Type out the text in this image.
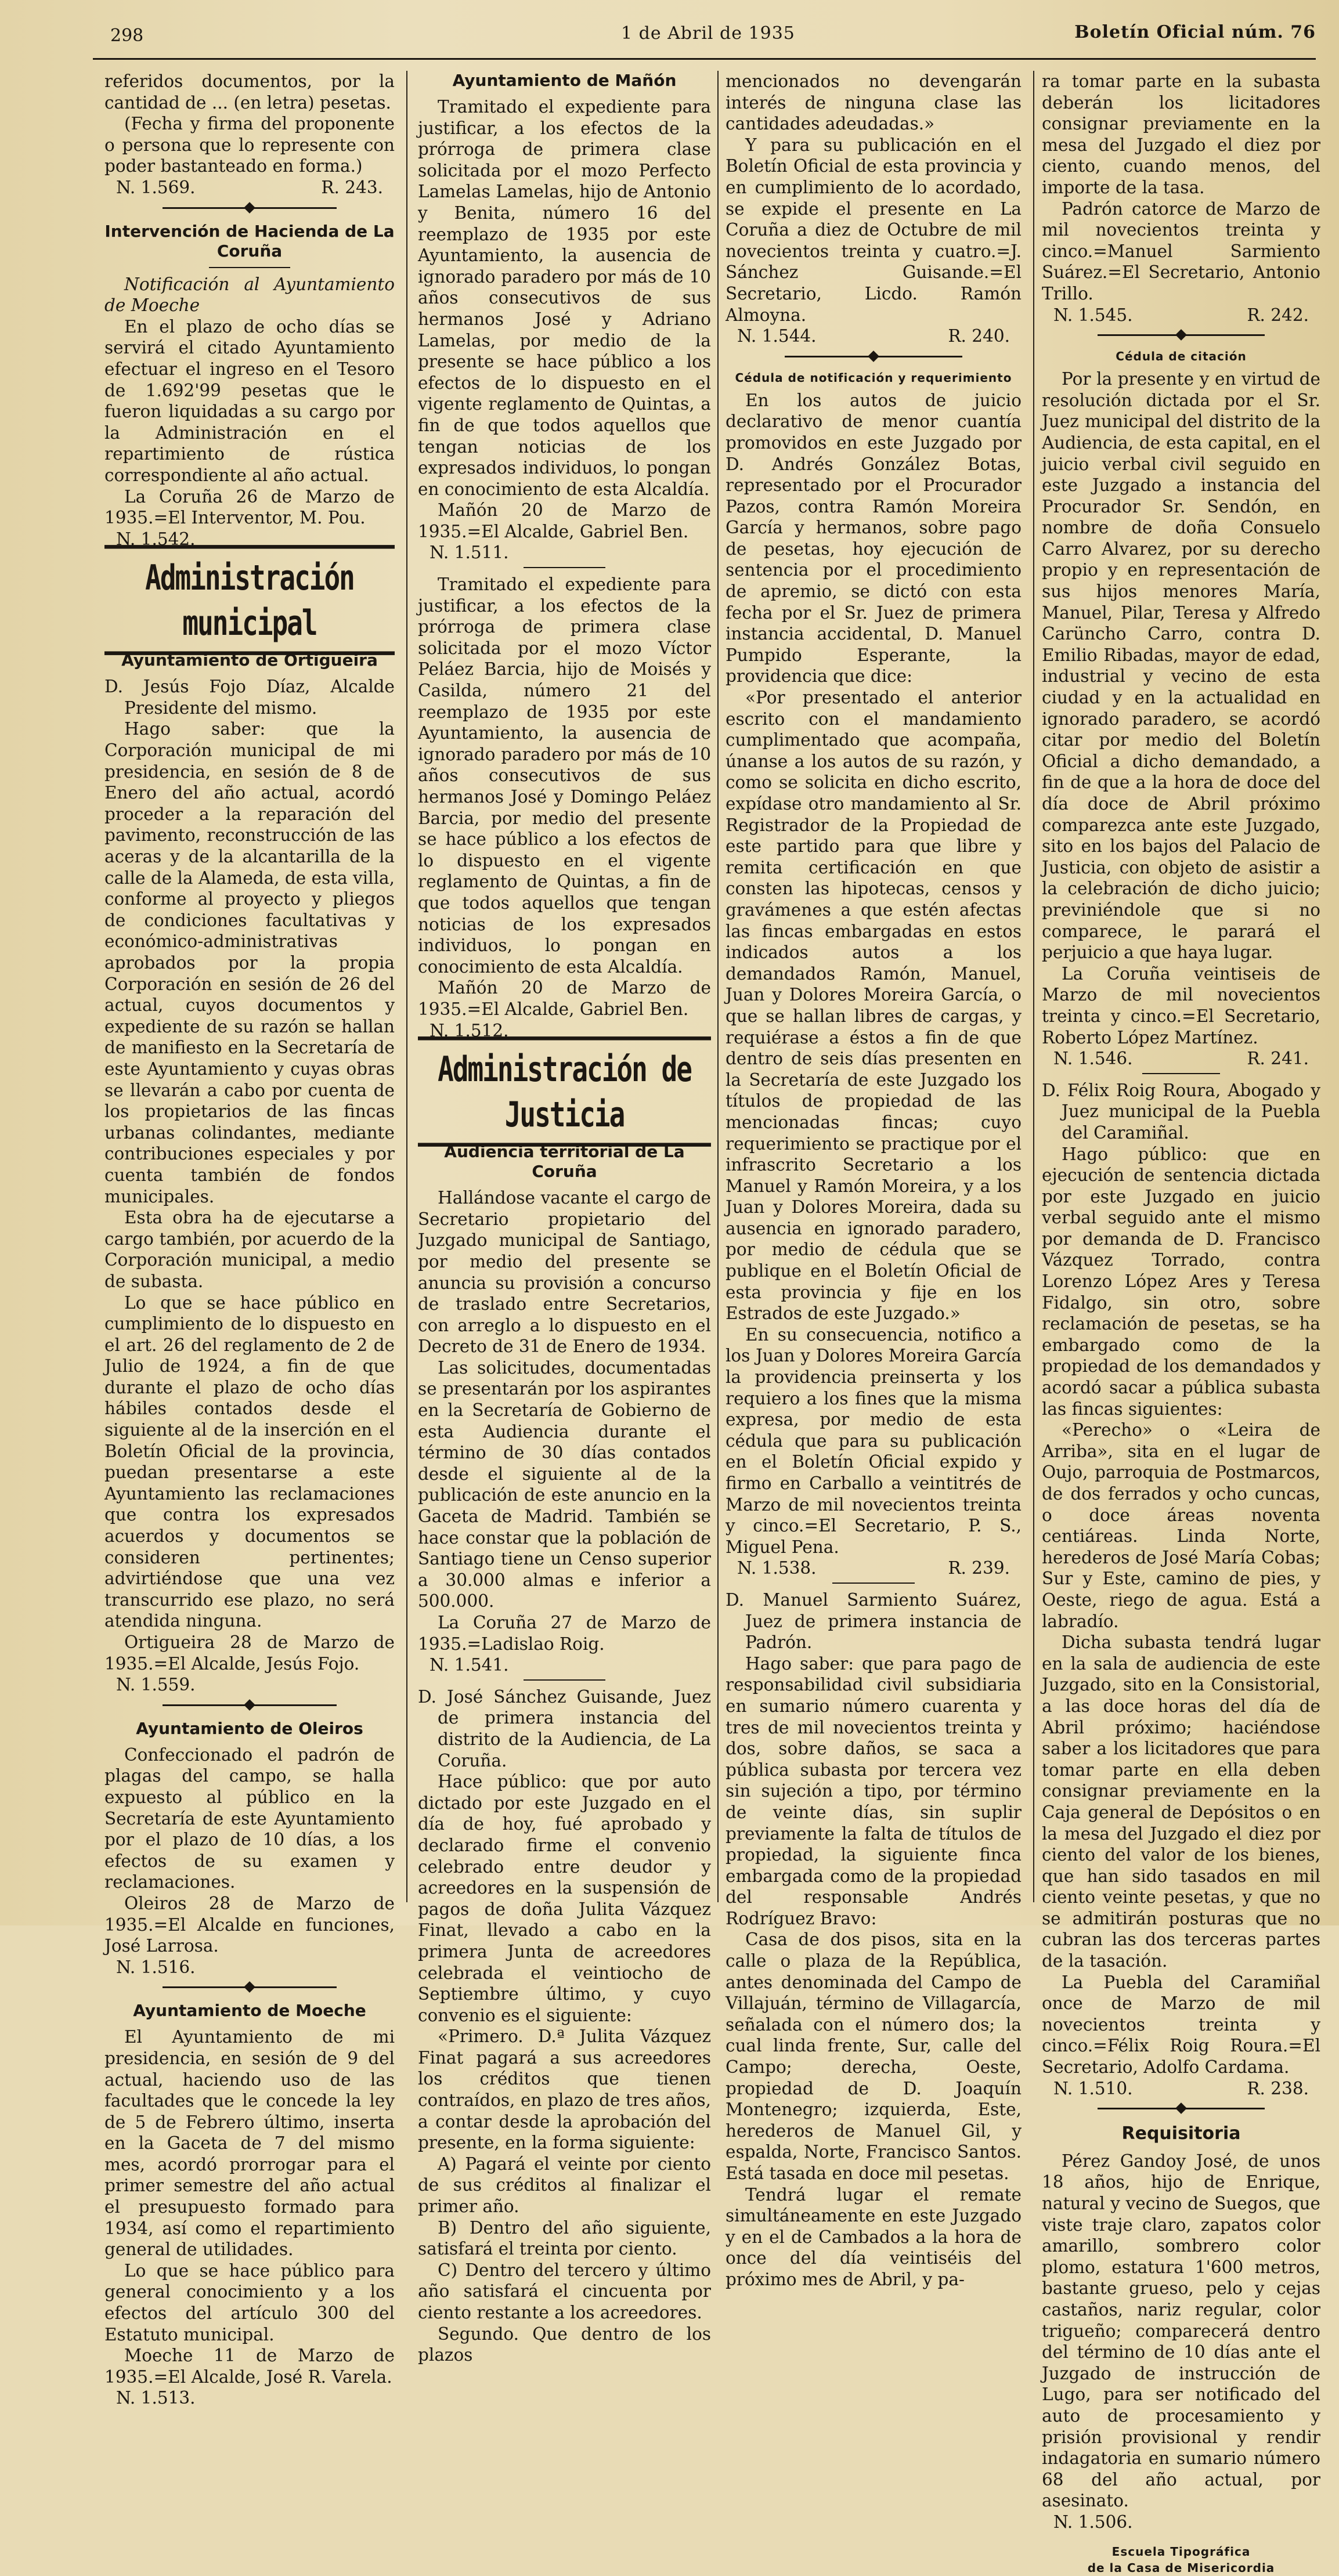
298	1 de Abril de 1935	Boletín Oficial núm. 76

referidos documentos, por la cantidad de ... (en letra) pesetas.

(Fecha y firma del proponente o persona que lo represente con poder bastanteado en forma.)

N. 1.569.	R. 243.
Intervención de Hacienda de La Coruña

Notificación al Ayuntamiento de Moeche

En el plazo de ocho días se servirá el citado Ayuntamiento efectuar el ingreso en el Tesoro de 1.692'99 pesetas que le fueron liquidadas a su cargo por la Administración en el repartimiento de rústica correspondiente al año actual.

La Coruña 26 de Marzo de 1935.=El Interventor, M. Pou.

N. 1.542.
Administración municipal
Ayuntamiento de Ortigueira

D. Jesús Fojo Díaz, Alcalde Presidente del mismo.

Hago saber: que la Corporación municipal de mi presidencia, en sesión de 8 de Enero del año actual, acordó proceder a la reparación del pavimento, reconstrucción de las aceras y de la alcantarilla de la calle de la Alameda, de esta villa, conforme al proyecto y pliegos de condiciones facultativas y económico-administrativas aprobados por la propia Corporación en sesión de 26 del actual, cuyos documentos y expediente de su razón se hallan de manifiesto en la Secretaría de este Ayuntamiento y cuyas obras se llevarán a cabo por cuenta de los propietarios de las fincas urbanas colindantes, mediante contribuciones especiales y por cuenta también de fondos municipales.

Esta obra ha de ejecutarse a cargo también, por acuerdo de la Corporación municipal, a medio de subasta.

Lo que se hace público en cumplimiento de lo dispuesto en el art. 26 del reglamento de 2 de Julio de 1924, a fin de que durante el plazo de ocho días hábiles contados desde el siguiente al de la inserción en el Boletín Oficial de la provincia, puedan presentarse a este Ayuntamiento las reclamaciones que contra los expresados acuerdos y documentos se consideren pertinentes; advirtiéndose que una vez transcurrido ese plazo, no será atendida ninguna.

Ortigueira 28 de Marzo de 1935.=El Alcalde, Jesús Fojo.

N. 1.559.
Ayuntamiento de Oleiros

Confeccionado el padrón de plagas del campo, se halla expuesto al público en la Secretaría de este Ayuntamiento por el plazo de 10 días, a los efectos de su examen y reclamaciones.

Oleiros 28 de Marzo de 1935.=El Alcalde en funciones, José Larrosa.

N. 1.516.
Ayuntamiento de Moeche

El Ayuntamiento de mi presidencia, en sesión de 9 del actual, haciendo uso de las facultades que le concede la ley de 5 de Febrero último, inserta en la Gaceta de 7 del mismo mes, acordó prorrogar para el primer semestre del año actual el presupuesto formado para 1934, así como el repartimiento general de utilidades.

Lo que se hace público para general conocimiento y a los efectos del artículo 300 del Estatuto municipal.

Moeche 11 de Marzo de 1935.=El Alcalde, José R. Varela.

N. 1.513.
Ayuntamiento de Mañón

Tramitado el expediente para justificar, a los efectos de la prórroga de primera clase solicitada por el mozo Perfecto Lamelas Lamelas, hijo de Antonio y Benita, número 16 del reemplazo de 1935 por este Ayuntamiento, la ausencia de ignorado paradero por más de 10 años consecutivos de sus hermanos José y Adriano Lamelas, por medio de la presente se hace público a los efectos de lo dispuesto en el vigente reglamento de Quintas, a fin de que todos aquellos que tengan noticias de los expresados individuos, lo pongan en conocimiento de esta Alcaldía.

Mañón 20 de Marzo de 1935.=El Alcalde, Gabriel Ben.

N. 1.511.

Tramitado el expediente para justificar, a los efectos de la prórroga de primera clase solicitada por el mozo Víctor Peláez Barcia, hijo de Moisés y Casilda, número 21 del reemplazo de 1935 por este Ayuntamiento, la ausencia de ignorado paradero por más de 10 años consecutivos de sus hermanos José y Domingo Peláez Barcia, por medio del presente se hace público a los efectos de lo dispuesto en el vigente reglamento de Quintas, a fin de que todos aquellos que tengan noticias de los expresados individuos, lo pongan en conocimiento de esta Alcaldía.

Mañón 20 de Marzo de 1935.=El Alcalde, Gabriel Ben.

N. 1.512.
Administración de Justicia
Audiencia territorial de La Coruña

Hallándose vacante el cargo de Secretario propietario del Juzgado municipal de Santiago, por medio del presente se anuncia su provisión a concurso de traslado entre Secretarios, con arreglo a lo dispuesto en el Decreto de 31 de Enero de 1934.

Las solicitudes, documentadas se presentarán por los aspirantes en la Secretaría de Gobierno de esta Audiencia durante el término de 30 días contados desde el siguiente al de la publicación de este anuncio en la Gaceta de Madrid. También se hace constar que la población de Santiago tiene un Censo superior a 30.000 almas e inferior a 500.000.

La Coruña 27 de Marzo de 1935.=Ladislao Roig.

N. 1.541.

D. José Sánchez Guisande, Juez de primera instancia del distrito de la Audiencia, de La Coruña.

Hace público: que por auto dictado por este Juzgado en el día de hoy, fué aprobado y declarado firme el convenio celebrado entre deudor y acreedores en la suspensión de pagos de doña Julita Vázquez Finat, llevado a cabo en la primera Junta de acreedores celebrada el veintiocho de Septiembre último, y cuyo convenio es el siguiente:

«Primero. D.ª Julita Vázquez Finat pagará a sus acreedores los créditos que tienen contraídos, en plazo de tres años, a contar desde la aprobación del presente, en la forma siguiente:

A) Pagará el veinte por ciento de sus créditos al finalizar el primer año.

B) Dentro del año siguiente, satisfará el treinta por ciento.

C) Dentro del tercero y último año satisfará el cincuenta por ciento restante a los acreedores.

Segundo. Que dentro de los plazos

mencionados no devengarán interés de ninguna clase las cantidades adeudadas.»

Y para su publicación en el Boletín Oficial de esta provincia y en cumplimiento de lo acordado, se expide el presente en La Coruña a diez de Octubre de mil novecientos treinta y cuatro.=J. Sánchez Guisande.=El Secretario, Licdo. Ramón Almoyna.

N. 1.544.	R. 240.
Cédula de notificación y requerimiento

En los autos de juicio declarativo de menor cuantía promovidos en este Juzgado por D. Andrés González Botas, representado por el Procurador Pazos, contra Ramón Moreira García y hermanos, sobre pago de pesetas, hoy ejecución de sentencia por el procedimiento de apremio, se dictó con esta fecha por el Sr. Juez de primera instancia accidental, D. Manuel Pumpido Esperante, la providencia que dice:

«Por presentado el anterior escrito con el mandamiento cumplimentado que acompaña, únanse a los autos de su razón, y como se solicita en dicho escrito, expídase otro mandamiento al Sr. Registrador de la Propiedad de este partido para que libre y remita certificación en que consten las hipotecas, censos y gravámenes a que estén afectas las fincas embargadas en estos indicados autos a los demandados Ramón, Manuel, Juan y Dolores Moreira García, o que se hallan libres de cargas, y requiérase a éstos a fin de que dentro de seis días presenten en la Secretaría de este Juzgado los títulos de propiedad de las mencionadas fincas; cuyo requerimiento se practique por el infrascrito Secretario a los Manuel y Ramón Moreira, y a los Juan y Dolores Moreira, dada su ausencia en ignorado paradero, por medio de cédula que se publique en el Boletín Oficial de esta provincia y fije en los Estrados de este Juzgado.»

En su consecuencia, notifico a los Juan y Dolores Moreira García la providencia preinserta y los requiero a los fines que la misma expresa, por medio de esta cédula que para su publicación en el Boletín Oficial expido y firmo en Carballo a veintitrés de Marzo de mil novecientos treinta y cinco.=El Secretario, P. S., Miguel Pena.

N. 1.538.	R. 239.

D. Manuel Sarmiento Suárez, Juez de primera instancia de Padrón.

Hago saber: que para pago de responsabilidad civil subsidiaria en sumario número cuarenta y tres de mil novecientos treinta y dos, sobre daños, se saca a pública subasta por tercera vez sin sujeción a tipo, por término de veinte días, sin suplir previamente la falta de títulos de propiedad, la siguiente finca embargada como de la propiedad del responsable Andrés Rodríguez Bravo:

Casa de dos pisos, sita en la calle o plaza de la República, antes denominada del Campo de Villajuán, término de Villagarcía, señalada con el número dos; la cual linda frente, Sur, calle del Campo; derecha, Oeste, propiedad de D. Joaquín Montenegro; izquierda, Este, herederos de Manuel Gil, y espalda, Norte, Francisco Santos. Está tasada en doce mil pesetas.

Tendrá lugar el remate simultáneamente en este Juzgado y en el de Cambados a la hora de once del día veintiséis del próximo mes de Abril, y pa-

ra tomar parte en la subasta deberán los licitadores consignar previamente en la mesa del Juzgado el diez por ciento, cuando menos, del importe de la tasa.

Padrón catorce de Marzo de mil novecientos treinta y cinco.=Manuel Sarmiento Suárez.=El Secretario, Antonio Trillo.

N. 1.545.	R. 242.
Cédula de citación

Por la presente y en virtud de resolución dictada por el Sr. Juez municipal del distrito de la Audiencia, de esta capital, en el juicio verbal civil seguido en este Juzgado a instancia del Procurador Sr. Sendón, en nombre de doña Consuelo Carro Alvarez, por su derecho propio y en representación de sus hijos menores María, Manuel, Pilar, Teresa y Alfredo Carüncho Carro, contra D. Emilio Ribadas, mayor de edad, industrial y vecino de esta ciudad y en la actualidad en ignorado paradero, se acordó citar por medio del Boletín Oficial a dicho demandado, a fin de que a la hora de doce del día doce de Abril próximo comparezca ante este Juzgado, sito en los bajos del Palacio de Justicia, con objeto de asistir a la celebración de dicho juicio; previniéndole que si no comparece, le parará el perjuicio a que haya lugar.

La Coruña veintiseis de Marzo de mil novecientos treinta y cinco.=El Secretario, Roberto López Martínez.

N. 1.546.	R. 241.

D. Félix Roig Roura, Abogado y Juez municipal de la Puebla del Caramiñal.

Hago público: que en ejecución de sentencia dictada por este Juzgado en juicio verbal seguido ante el mismo por demanda de D. Francisco Vázquez Torrado, contra Lorenzo López Ares y Teresa Fidalgo, sin otro, sobre reclamación de pesetas, se ha embargado como de la propiedad de los demandados y acordó sacar a pública subasta las fincas siguientes:

«Perecho» o «Leira de Arriba», sita en el lugar de Oujo, parroquia de Postmarcos, de dos ferrados y ocho cuncas, o doce áreas noventa centiáreas. Linda Norte, herederos de José María Cobas; Sur y Este, camino de pies, y Oeste, riego de agua. Está a labradío.

Dicha subasta tendrá lugar en la sala de audiencia de este Juzgado, sito en la Consistorial, a las doce horas del día de Abril próximo; haciéndose saber a los licitadores que para tomar parte en ella deben consignar previamente en la Caja general de Depósitos o en la mesa del Juzgado el diez por ciento del valor de los bienes, que han sido tasados en mil ciento veinte pesetas, y que no se admitirán posturas que no cubran las dos terceras partes de la tasación.

La Puebla del Caramiñal once de Marzo de mil novecientos treinta y cinco.=Félix Roig Roura.=El Secretario, Adolfo Cardama.

N. 1.510.	R. 238.
Requisitoria

Pérez Gandoy José, de unos 18 años, hijo de Enrique, natural y vecino de Suegos, que viste traje claro, zapatos color amarillo, sombrero color plomo, estatura 1'600 metros, bastante grueso, pelo y cejas castaños, nariz regular, color trigueño; comparecerá dentro del término de 10 días ante el Juzgado de instrucción de Lugo, para ser notificado del auto de procesamiento y prisión provisional y rendir indagatoria en sumario número 68 del año actual, por asesinato.

N. 1.506.
Escuela Tipográfica
de la Casa de Misericordia
